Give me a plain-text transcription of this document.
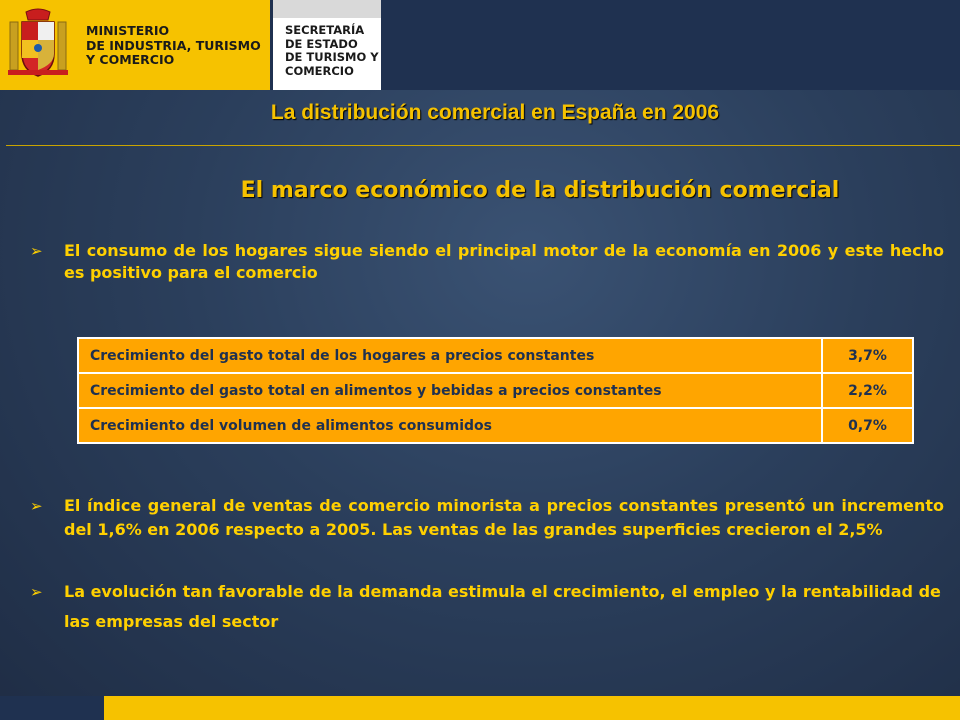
MINISTERIO
DE INDUSTRIA, TURISMO
Y COMERCIO
SECRETARÍA
DE ESTADO
DE TURISMO Y
COMERCIO
La distribución comercial en España en 2006
El marco económico de la distribución comercial
➢ El consumo de los hogares sigue siendo el principal motor de la economía en 2006 y este hecho es positivo para el comercio
Crecimiento del gasto total de los hogares a precios constantes	3,7%
Crecimiento del gasto total en alimentos y bebidas a precios constantes	2,2%
Crecimiento del volumen de alimentos consumidos	0,7%
➢ El índice general de ventas de comercio minorista a precios constantes presentó un incremento del 1,6% en 2006 respecto a 2005. Las ventas de las grandes superficies crecieron el 2,5%
➢ La evolución tan favorable de la demanda estimula el crecimiento, el empleo y la rentabilidad de las empresas del sector
